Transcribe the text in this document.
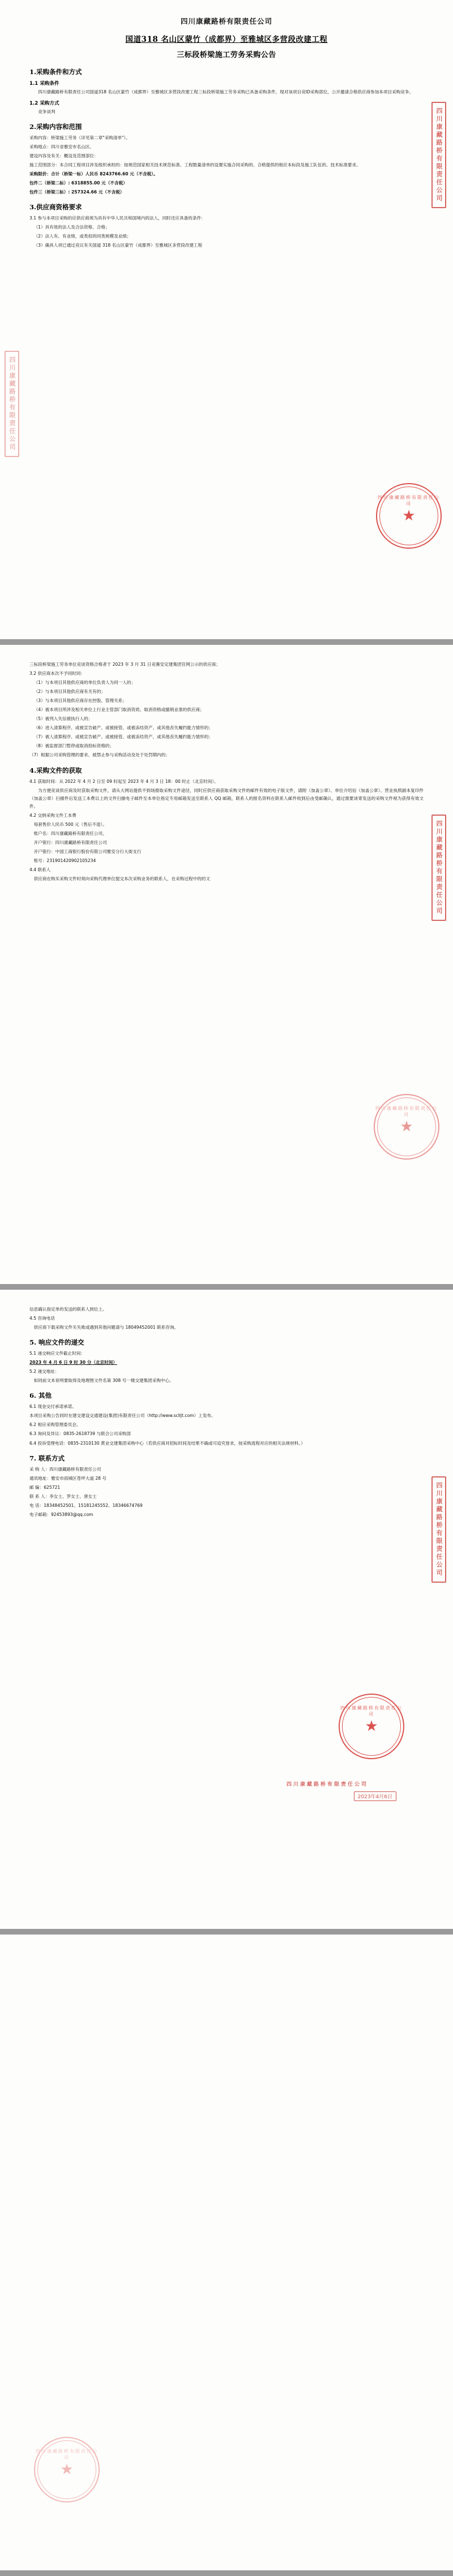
四川康藏路桥有限责任公司
国道318 名山区蒙竹（成都界）至雅城区多营段改建工程
三标段桥梁施工劳务采购公告
1.采购条件和方式
1.1 采购条件

四川康藏路桥有限责任公司国道318 名山区蒙竹（成都界）至雅城区多营段改建工程三标段桥梁施工劳务采购已具备采购条件，现对该项目竞ID采购部位，公开邀请合格供应商参加本项目采购竞争。

1.2 采购方式

竞争谈判

2.采购内容和范围

采购内容：桥梁施工劳务（详见第二章"采购清单"）。

采购地点：四川省雅安市名山区。

建设内容及有关：概设及范围部位：

施工范围部分：本合同工程项目涉及组织承担的：按规范国家相关技术规范标准、工程数量清单的设置实施合同采购的、合格提供的相应本标段及施工队伍的、技术标准要求。

采购限价：合计（桥梁一标）人民币 8243766.60 元（不含税）。

包件二（桥梁二标）: 6318855.00 元（不含税）

包件三（桥梁三标）: 257324.66 元（不含税）

3.供应商资格要求

3.1 参与本项目采购的应供应商须为具有中华人民共和国境内的法人，同时还应具备的条件：

（1）具有效的法人及合法资格、合格；

（2）法人有、有业绩，或类似的同类规模及业绩；

（3）确具人项已通过竞议有关国道 318 名山区蒙竹（成都界）至雅城区多营段改建工程

四川康藏路桥有限责任公司
四川康藏路桥有限责任公司
四川康藏路桥有限责任公司
★

三标段桥梁施工劳务单位竞谈资格合格者于 2023 年 3 月 31 日竞赛安定建集团官网公示的供应商；

3.2 供应商本次不予同时同：

（1）与本项目其他供应商的单位负责人为同一人的；

（2）与本项目其他供应商有关有的；

（3）与本项目其他供应商存在控股、管理关系；

（4）被本项目所涉及相关单位上行业主管部门取消资质、取消资格或撤销业准的供应商；

（5）被列入失信被执行人的；

（6）进入清算程序、或被宣告破产、或被接管、或被冻结资产、或其他丧失履约能力情形的；

（7）被人清算程序、或被宣告破产、或被接管、或被冻结资产、或其他丧失履约能力情形的；

（8）被监督部门暂停或取消投标资格的；

（7）根据公司采购管理的要求、被禁止参与采购活动及处于处罚期内的；

4.采购文件的获取

4.1 获取时间：从 2022 年 4 月 2 日至 09 时起至 2023 年 4 月 3 日 18：00 时止（北京时间）。

为方便竞谈供应商及时获取采购文件，请从大网站提供不到场报取采购文件途径，同时应供应商获取采购文件的邮件有效的电子版文件，请附（加盖公章）、单位介绍信（加盖公章）、营业执照副本复印件（加盖公章）扫描件后发送工本费以上的文件扫描电子邮件至本单位指定专用邮箱发送至联系人 QQ 邮箱，联系人的报名资料在联系人邮件收到后由受邮确认，通过需要谈寄发送的采购文件视为获得有效文件。

4.2 交纳采购文件工本费

每套售价人民币 500 元（售后不退）。

账户名：四川康藏路桥有限责任公司。

开户银行：四川康藏路桥有限责任公司

开户银行：中国工商银行股份有限公司雅安分行大街支行

账号：231901420902105234

4.4 联系人

供应商在购买采购文件时须向采购代理单位提交本次采购业务的联系人，在采购过程中的的文	四川康藏路桥有限责任公司
四川康藏路桥有限责任公司
★

信息确认指定单的发送的联系人到位上。

4.5 咨询电话

供应商下载采购文件关失败或遇到其他问题请与 18049452001 联系咨询。

5. 响应文件的递交

5.1 递交响应文件截止时间：

2023 年 4 月 6 日 9 时 30 分（北京时间）

5.2 递交地址：

如同前文本说明要取得及地理图文件名第 308 号一楼交建集团采购中心。

6. 其他

6.1 现金交付承诺承诺。

本项目采购公告同时在建交建设交通建设(集团)有限责任公司（http://www.sclljt.com）上发布。

6.2 相应采购管理委员会。

6.3 询问及异议：0835-2618739 与联合公司采购部

6.4 投诉受理电话：0835-2310130 黄业交建集团采购中心（若供应商对招标时间及结果不确或可追究登求，按采购流程对应的相关法规材料。）

7. 联系方式

采 购 人：四川康藏路桥有限责任公司

通讯地址：雅安市雨城区苍坪大道 28 号

邮 编：625721

联 系 人：李女士、罗女士、唐女士

电 话：18348452501、15181245552、18346674769

电子邮箱：92453893@qq.com	四川康藏路桥有限责任公司
四川康藏路桥有限责任公司
★
四川康藏路桥有限责任公司
2023年4月6日
四川康藏路桥有限责任公司
★
